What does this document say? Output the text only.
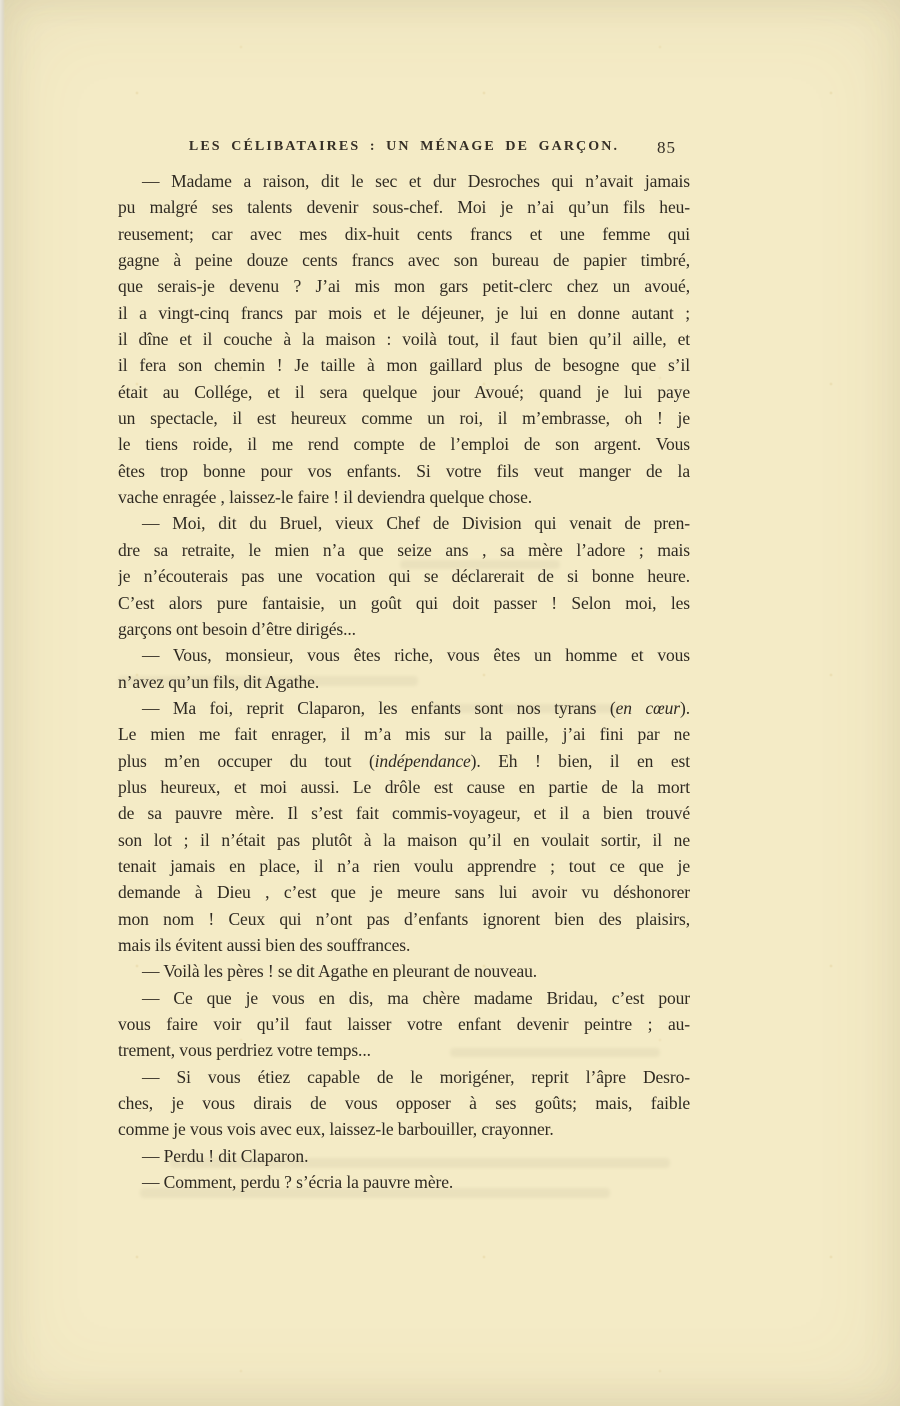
LES CÉLIBATAIRES : UN MÉNAGE DE GARÇON.	85
— Madame a raison, dit le sec et dur Desroches qui n’avait jamais
pu malgré ses talents devenir sous-chef. Moi je n’ai qu’un fils heu-
reusement; car avec mes dix-huit cents francs et une femme qui
gagne à peine douze cents francs avec son bureau de papier timbré,
que serais-je devenu ? J’ai mis mon gars petit-clerc chez un avoué,
il a vingt-cinq francs par mois et le déjeuner, je lui en donne autant ;
il dîne et il couche à la maison : voilà tout, il faut bien qu’il aille, et
il fera son chemin ! Je taille à mon gaillard plus de besogne que s’il
était au Collége, et il sera quelque jour Avoué; quand je lui paye
un spectacle, il est heureux comme un roi, il m’embrasse, oh ! je
le tiens roide, il me rend compte de l’emploi de son argent. Vous
êtes trop bonne pour vos enfants. Si votre fils veut manger de la
vache enragée , laissez-le faire ! il deviendra quelque chose.
— Moi, dit du Bruel, vieux Chef de Division qui venait de pren-
dre sa retraite, le mien n’a que seize ans , sa mère l’adore ; mais
je n’écouterais pas une vocation qui se déclarerait de si bonne heure.
C’est alors pure fantaisie, un goût qui doit passer ! Selon moi, les
garçons ont besoin d’être dirigés...
— Vous, monsieur, vous êtes riche, vous êtes un homme et vous
n’avez qu’un fils, dit Agathe.
— Ma foi, reprit Claparon, les enfants sont nos tyrans (en cœur).
Le mien me fait enrager, il m’a mis sur la paille, j’ai fini par ne
plus m’en occuper du tout (indépendance). Eh ! bien, il en est
plus heureux, et moi aussi. Le drôle est cause en partie de la mort
de sa pauvre mère. Il s’est fait commis-voyageur, et il a bien trouvé
son lot ; il n’était pas plutôt à la maison qu’il en voulait sortir, il ne
tenait jamais en place, il n’a rien voulu apprendre ; tout ce que je
demande à Dieu , c’est que je meure sans lui avoir vu déshonorer
mon nom ! Ceux qui n’ont pas d’enfants ignorent bien des plaisirs,
mais ils évitent aussi bien des souffrances.
— Voilà les pères ! se dit Agathe en pleurant de nouveau.
— Ce que je vous en dis, ma chère madame Bridau, c’est pour
vous faire voir qu’il faut laisser votre enfant devenir peintre ; au-
trement, vous perdriez votre temps...
— Si vous étiez capable de le morigéner, reprit l’âpre Desro-
ches, je vous dirais de vous opposer à ses goûts; mais, faible
comme je vous vois avec eux, laissez-le barbouiller, crayonner.
— Perdu ! dit Claparon.
— Comment, perdu ? s’écria la pauvre mère.
